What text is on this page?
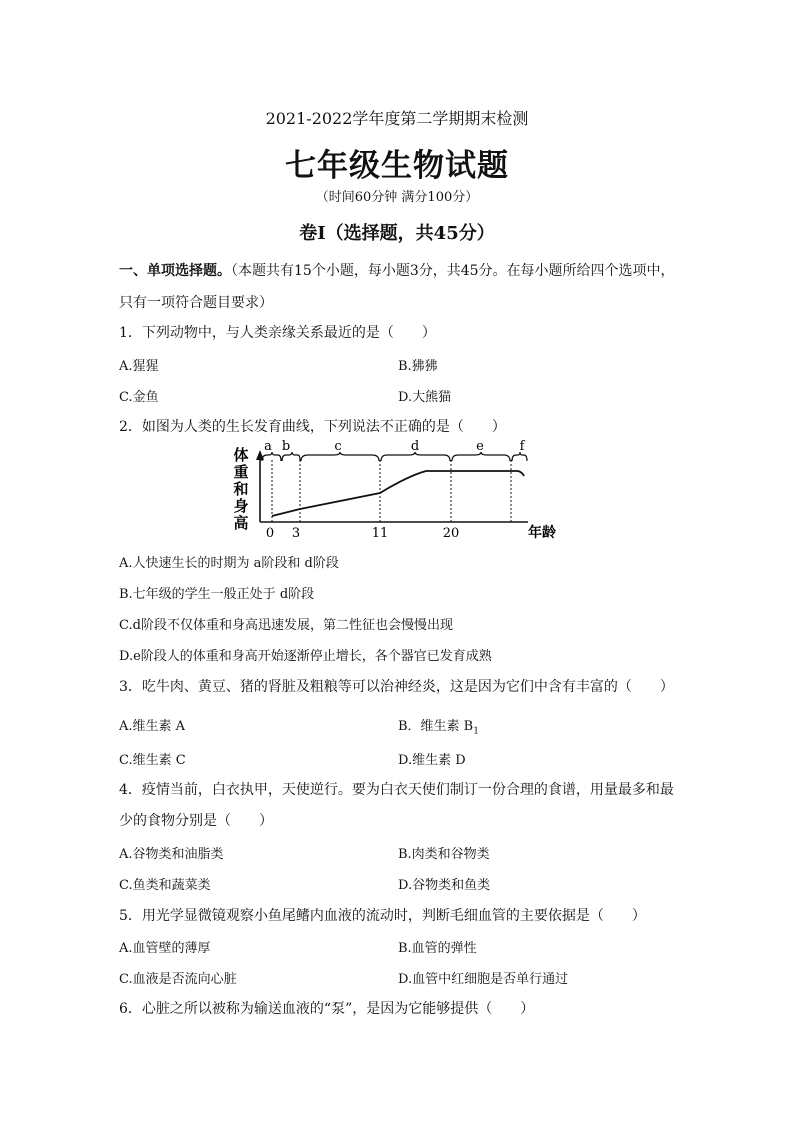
2021-2022学年度第二学期期末检测
七年级生物试题
（时间60分钟 满分100分）
卷Ⅰ（选择题，共45分）
一、单项选择题。（本题共有15个小题，每小题3分，共45分。在每小题所给四个选项中，
只有一项符合题目要求）
1．下列动物中，与人类亲缘关系最近的是（　　）
A.猩猩	B.狒狒
C.金鱼	D.大熊猫
2．如图为人类的生长发育曲线，下列说法不正确的是（　　）
体
重
和
身
高
a b	c	d	e	f
0 3	11	20	年龄
A.人快速生长的时期为 a阶段和 d阶段
B.七年级的学生一般正处于 d阶段
C.d阶段不仅体重和身高迅速发展，第二性征也会慢慢出现
D.e阶段人的体重和身高开始逐渐停止增长，各个器官已发育成熟
3．吃牛肉、黄豆、猪的肾脏及粗粮等可以治神经炎，这是因为它们中含有丰富的（　　）
A.维生素 A	B．维生素 $B_1$
C.维生素 C	D.维生素 D
4．疫情当前，白衣执甲，天使逆行。要为白衣天使们制订一份合理的食谱，用量最多和最
少的食物分别是（　　）
A.谷物类和油脂类	B.肉类和谷物类
C.鱼类和蔬菜类	D.谷物类和鱼类
5．用光学显微镜观察小鱼尾鳍内血液的流动时，判断毛细血管的主要依据是（　　）
A.血管壁的薄厚	B.血管的弹性
C.血液是否流向心脏	D.血管中红细胞是否单行通过
6．心脏之所以被称为输送血液的“泵”，是因为它能够提供（　　）
